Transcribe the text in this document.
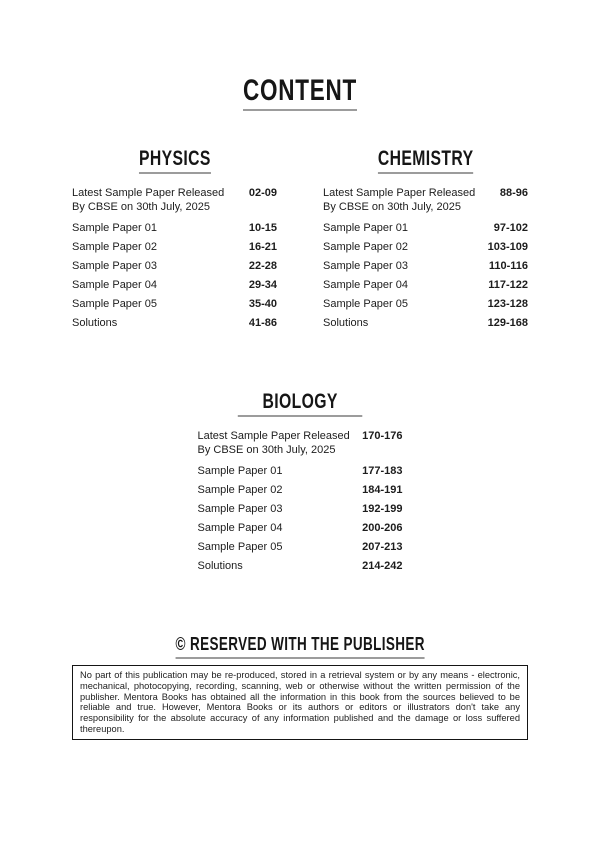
CONTENT
PHYSICS
Latest Sample Paper Released
By CBSE on 30th July, 2025
02-09
Sample Paper 01	10-15
Sample Paper 02	16-21
Sample Paper 03	22-28
Sample Paper 04	29-34
Sample Paper 05	35-40
Solutions	41-86
CHEMISTRY
Latest Sample Paper Released
By CBSE on 30th July, 2025
88-96
Sample Paper 01	97-102
Sample Paper 02	103-109
Sample Paper 03	110-116
Sample Paper 04	117-122
Sample Paper 05	123-128
Solutions	129-168
BIOLOGY
Latest Sample Paper Released
By CBSE on 30th July, 2025
170-176
Sample Paper 01	177-183
Sample Paper 02	184-191
Sample Paper 03	192-199
Sample Paper 04	200-206
Sample Paper 05	207-213
Solutions	214-242
© RESERVED WITH THE PUBLISHER
No part of this publication may be re-produced, stored in a retrieval system or by any means - electronic, mechanical, photocopying, recording, scanning, web or otherwise without the written permission of the publisher. Mentora Books has obtained all the information in this book from the sources believed to be reliable and true. However, Mentora Books or its authors or editors or illustrators don't take any responsibility for the absolute accuracy of any information published and the damage or loss suffered thereupon.
